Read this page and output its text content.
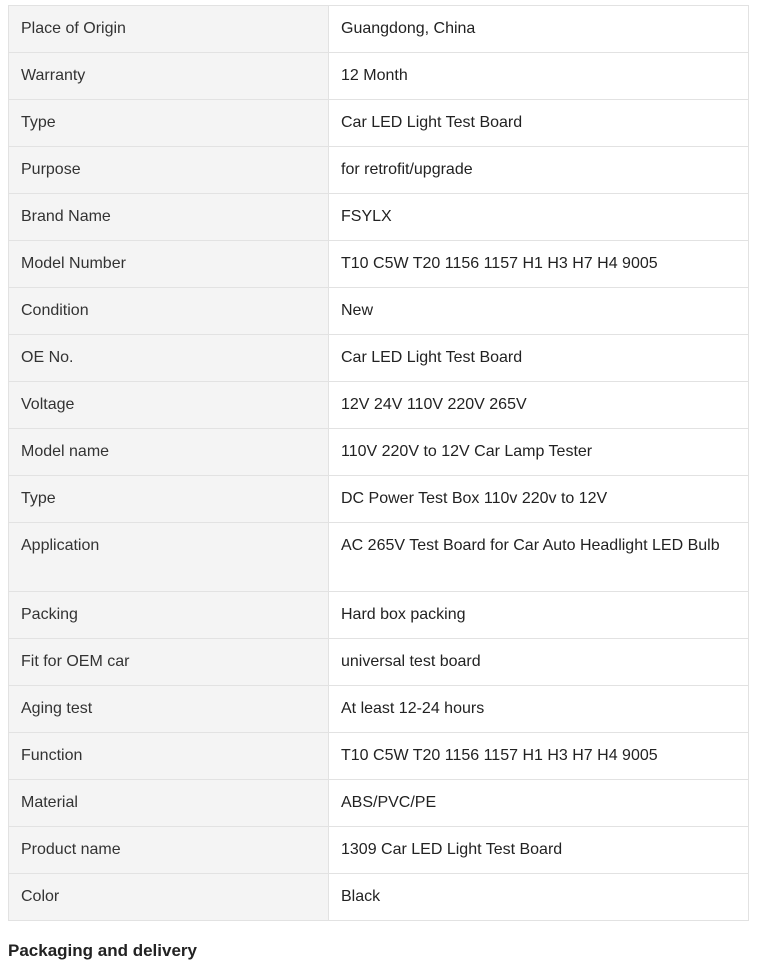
Place of Origin	Guangdong, China
Warranty	12 Month
Type	Car LED Light Test Board
Purpose	for retrofit/upgrade
Brand Name	FSYLX
Model Number	T10 C5W T20 1156 1157 H1 H3 H7 H4 9005
Condition	New
OE No.	Car LED Light Test Board
Voltage	12V 24V 110V 220V 265V
Model name	110V 220V to 12V Car Lamp Tester
Type	DC Power Test Box 110v 220v to 12V
Application	AC 265V Test Board for Car Auto Headlight LED Bulb
Packing	Hard box packing
Fit for OEM car	universal test board
Aging test	At least 12-24 hours
Function	T10 C5W T20 1156 1157 H1 H3 H7 H4 9005
Material	ABS/PVC/PE
Product name	1309 Car LED Light Test Board
Color	Black
Packaging and delivery
